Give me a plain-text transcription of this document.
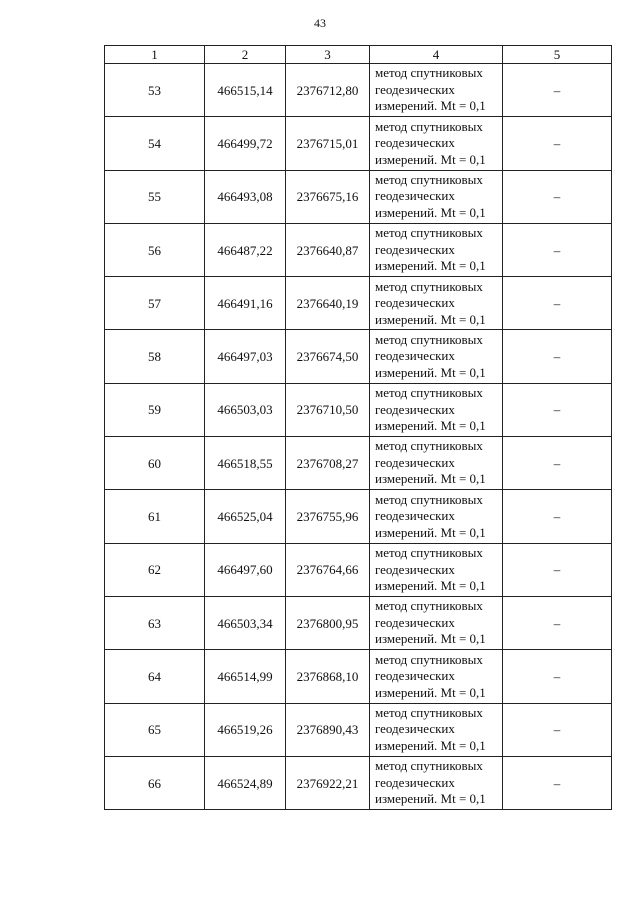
43
1	2	3	4	5
53	466515,14	2376712,80	метод спутниковых
геодезических
измерений. Mt = 0,1	–
54	466499,72	2376715,01	метод спутниковых
геодезических
измерений. Mt = 0,1	–
55	466493,08	2376675,16	метод спутниковых
геодезических
измерений. Mt = 0,1	–
56	466487,22	2376640,87	метод спутниковых
геодезических
измерений. Mt = 0,1	–
57	466491,16	2376640,19	метод спутниковых
геодезических
измерений. Mt = 0,1	–
58	466497,03	2376674,50	метод спутниковых
геодезических
измерений. Mt = 0,1	–
59	466503,03	2376710,50	метод спутниковых
геодезических
измерений. Mt = 0,1	–
60	466518,55	2376708,27	метод спутниковых
геодезических
измерений. Mt = 0,1	–
61	466525,04	2376755,96	метод спутниковых
геодезических
измерений. Mt = 0,1	–
62	466497,60	2376764,66	метод спутниковых
геодезических
измерений. Mt = 0,1	–
63	466503,34	2376800,95	метод спутниковых
геодезических
измерений. Mt = 0,1	–
64	466514,99	2376868,10	метод спутниковых
геодезических
измерений. Mt = 0,1	–
65	466519,26	2376890,43	метод спутниковых
геодезических
измерений. Mt = 0,1	–
66	466524,89	2376922,21	метод спутниковых
геодезических
измерений. Mt = 0,1	–
